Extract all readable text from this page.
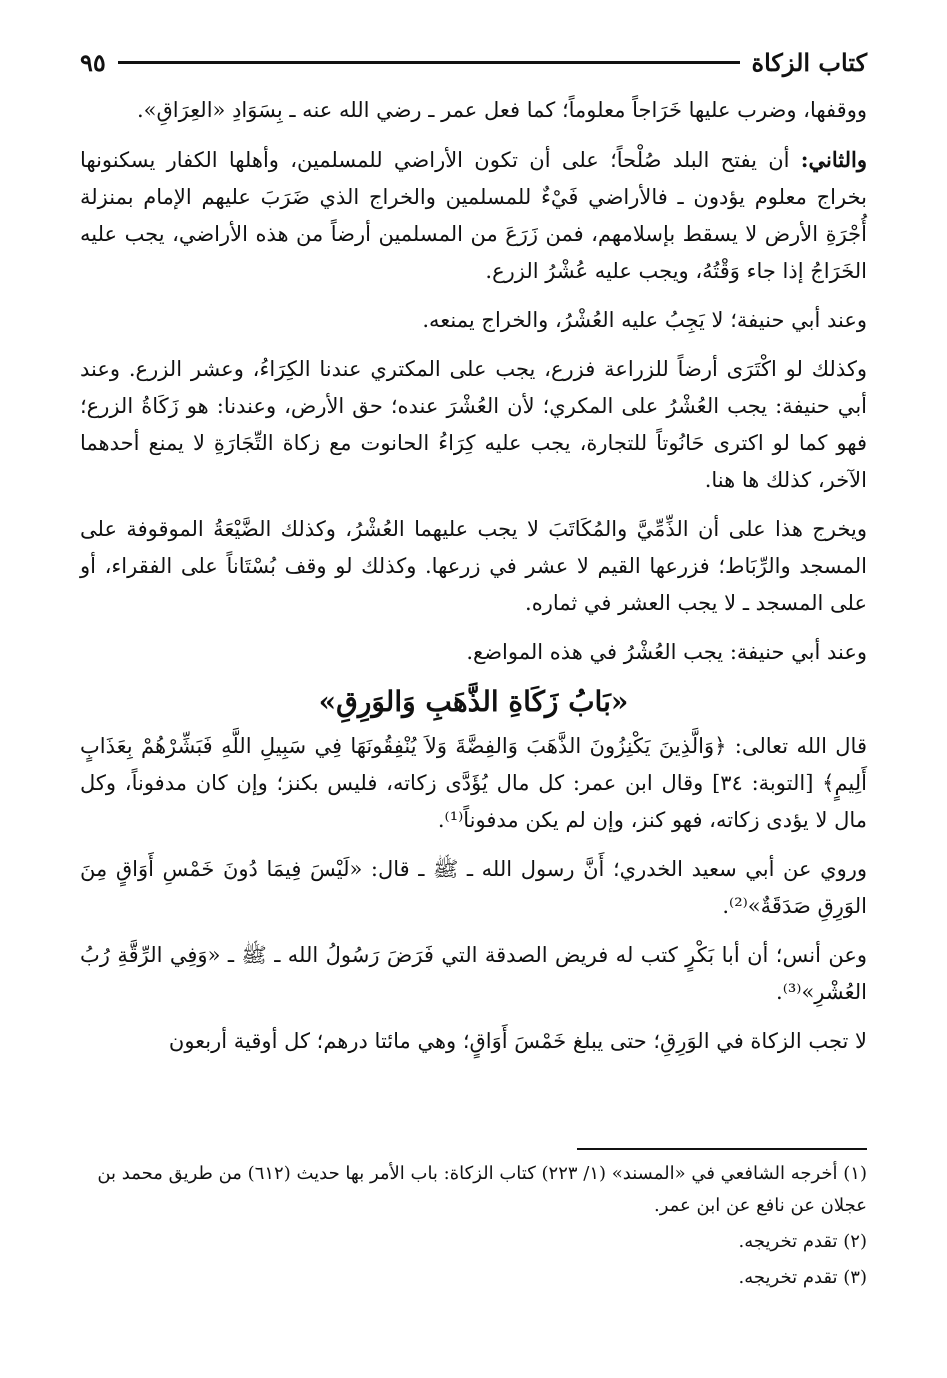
٩٥	كتاب الزكاة

ووقفها، وضرب عليها خَرَاجاً معلوماً؛ كما فعل عمر ـ رضي الله عنه ـ بِسَوَادِ «العِرَاقِ».

والثاني: أن يفتح البلد صُلْحاً؛ على أن تكون الأراضي للمسلمين، وأهلها الكفار يسكنونها بخراج معلوم يؤدون ـ فالأراضي فَيْءٌ للمسلمين والخراج الذي ضَرَبَ عليهم الإمام بمنزلة أُجْرَةِ الأرض لا يسقط بإسلامهم، فمن زَرَعَ من المسلمين أرضاً من هذه الأراضي، يجب عليه الخَرَاجُ إذا جاء وَقْتُهُ، ويجب عليه عُشْرُ الزرع.

وعند أبي حنيفة؛ لا يَجِبُ عليه العُشْرُ، والخراج يمنعه.

وكذلك لو اكْتَرَى أرضاً للزراعة فزرع، يجب على المكتري عندنا الكِرَاءُ، وعشر الزرع. وعند أبي حنيفة: يجب العُشْرُ على المكري؛ لأن العُشْرَ عنده؛ حق الأرض، وعندنا: هو زَكَاةُ الزرع؛ فهو كما لو اكترى حَانُوتاً للتجارة، يجب عليه كِرَاءُ الحانوت مع زكاة التِّجَارَةِ لا يمنع أحدهما الآخر، كذلك ها هنا.

ويخرج هذا على أن الذِّمِّيَّ والمُكَاتَبَ لا يجب عليهما العُشْرُ، وكذلك الضَّيْعَةُ الموقوفة على المسجد والرِّبَاط؛ فزرعها القيم لا عشر في زرعها. وكذلك لو وقف بُسْتَاناً على الفقراء، أو على المسجد ـ لا يجب العشر في ثماره.

وعند أبي حنيفة: يجب العُشْرُ في هذه المواضع.

«بَابُ زَكَاةِ الذَّهَبِ وَالوَرِقِ»

قال الله تعالى: ﴿وَالَّذِينَ يَكْنِزُونَ الذَّهَبَ وَالفِضَّةَ وَلاَ يُنْفِقُونَهَا فِي سَبِيلِ اللَّهِ فَبَشِّرْهُمْ بِعَذَابٍ أَلِيمٍ﴾ [التوبة: ٣٤] وقال ابن عمر: كل مال يُؤَدَّى زكاته، فليس بكنز؛ وإن كان مدفوناً، وكل مال لا يؤدى زكاته، فهو كنز، وإن لم يكن مدفوناً⁽¹⁾.

وروي عن أبي سعيد الخدري؛ أَنَّ رسول الله ـ ﷺ ـ قال: «لَيْسَ فِيمَا دُونَ خَمْسِ أَوَاقٍ مِنَ الوَرِقِ صَدَقَةٌ»⁽²⁾.

وعن أنس؛ أن أبا بَكْرٍ كتب له فريض الصدقة التي فَرَضَ رَسُولُ الله ـ ﷺ ـ «وَفِي الرِّقَّةِ رُبُ العُشْرِ»⁽³⁾.

لا تجب الزكاة في الوَرِقِ؛ حتى يبلغ خَمْسَ أَوَاقٍ؛ وهي مائتا درهم؛ كل أوقية أربعون

(١) أخرجه الشافعي في «المسند» (١/ ٢٢٣) كتاب الزكاة: باب الأمر بها حديث (٦١٢) من طريق محمد بن عجلان عن نافع عن ابن عمر.

(٢) تقدم تخريجه.

(٣) تقدم تخريجه.
